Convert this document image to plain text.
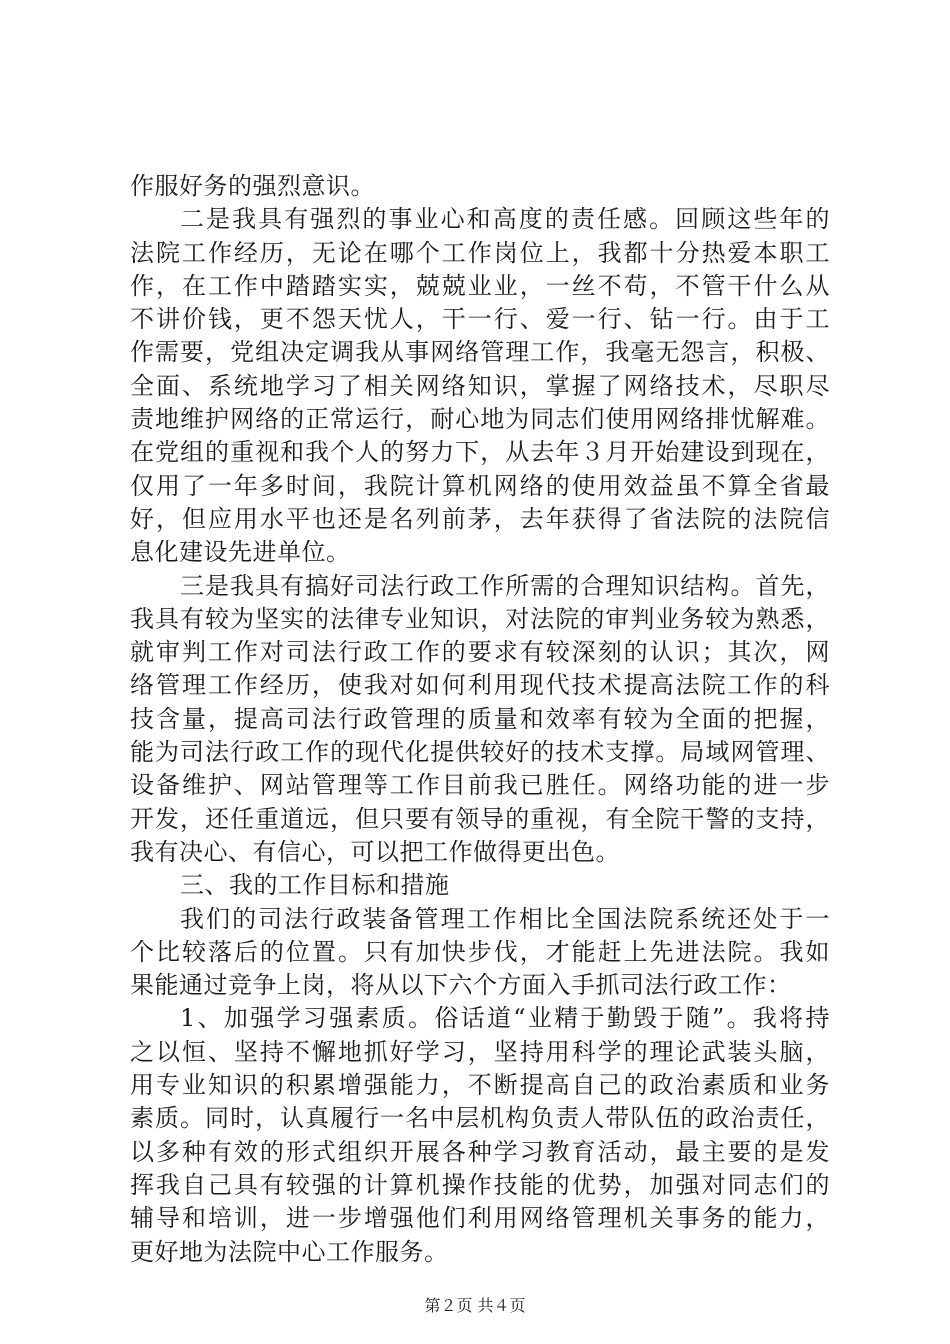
作服好务的强烈意识。
二是我具有强烈的事业心和高度的责任感。回顾这些年的
法院工作经历，无论在哪个工作岗位上，我都十分热爱本职工
作，在工作中踏踏实实，兢兢业业，一丝不苟，不管干什么从
不讲价钱，更不怨天忧人，干一行、爱一行、钻一行。由于工
作需要，党组决定调我从事网络管理工作，我毫无怨言，积极、
全面、系统地学习了相关网络知识，掌握了网络技术，尽职尽
责地维护网络的正常运行，耐心地为同志们使用网络排忧解难。
在党组的重视和我个人的努力下，从去年３月开始建设到现在，
仅用了一年多时间，我院计算机网络的使用效益虽不算全省最
好，但应用水平也还是名列前茅，去年获得了省法院的法院信
息化建设先进单位。
三是我具有搞好司法行政工作所需的合理知识结构。首先，
我具有较为坚实的法律专业知识，对法院的审判业务较为熟悉，
就审判工作对司法行政工作的要求有较深刻的认识；其次，网
络管理工作经历，使我对如何利用现代技术提高法院工作的科
技含量，提高司法行政管理的质量和效率有较为全面的把握，
能为司法行政工作的现代化提供较好的技术支撑。局域网管理、
设备维护、网站管理等工作目前我已胜任。网络功能的进一步
开发，还任重道远，但只要有领导的重视，有全院干警的支持，
我有决心、有信心，可以把工作做得更出色。
三、我的工作目标和措施
我们的司法行政装备管理工作相比全国法院系统还处于一
个比较落后的位置。只有加快步伐，才能赶上先进法院。我如
果能通过竞争上岗，将从以下六个方面入手抓司法行政工作：
1、加强学习强素质。俗话道“业精于勤毁于随”。我将持
之以恒、坚持不懈地抓好学习，坚持用科学的理论武装头脑，
用专业知识的积累增强能力，不断提高自己的政治素质和业务
素质。同时，认真履行一名中层机构负责人带队伍的政治责任，
以多种有效的形式组织开展各种学习教育活动，最主要的是发
挥我自己具有较强的计算机操作技能的优势，加强对同志们的
辅导和培训，进一步增强他们利用网络管理机关事务的能力，
更好地为法院中心工作服务。
第２页 共４页
